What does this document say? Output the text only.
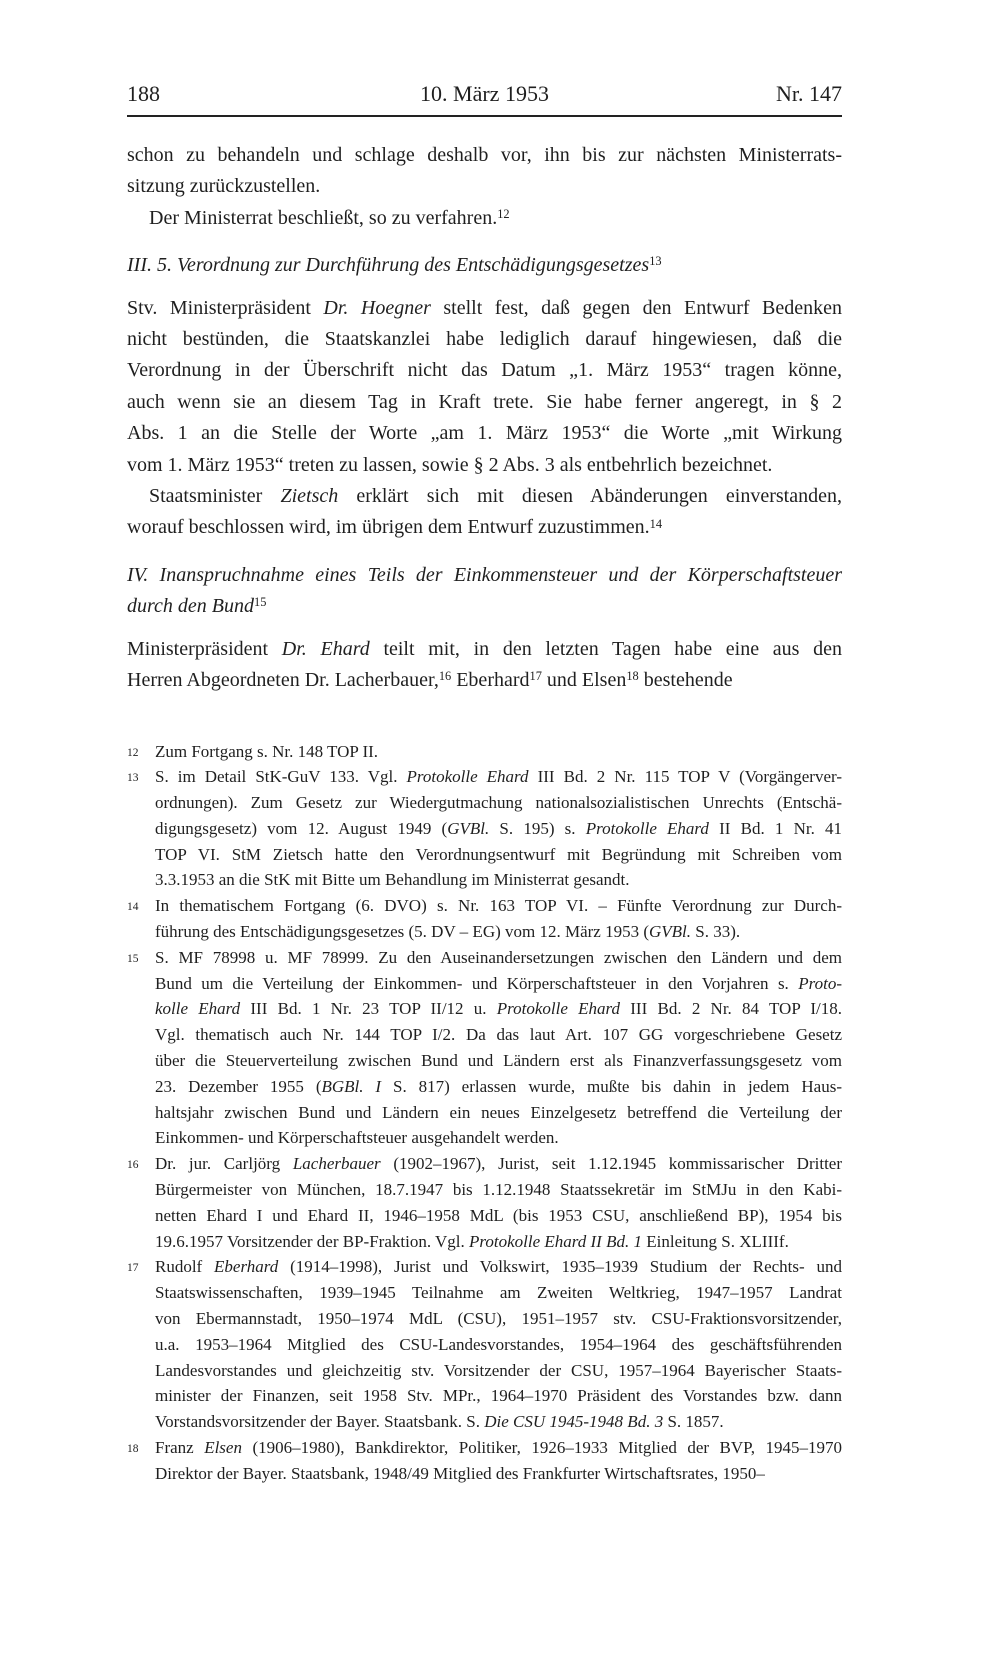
188	10. März 1953	Nr. 147
schon zu behandeln und schlage deshalb vor, ihn bis zur nächsten Ministerrats-
sitzung zurückzustellen.
Der Ministerrat beschließt, so zu verfahren.$^{12}$
III. 5. Verordnung zur Durchführung des Entschädigungsgesetzes$^{13}$
Stv. Ministerpräsident Dr. Hoegner stellt fest, daß gegen den Entwurf Bedenken
nicht bestünden, die Staatskanzlei habe lediglich darauf hingewiesen, daß die
Verordnung in der Überschrift nicht das Datum „1. März 1953“ tragen könne,
auch wenn sie an diesem Tag in Kraft trete. Sie habe ferner angeregt, in § 2
Abs. 1 an die Stelle der Worte „am 1. März 1953“ die Worte „mit Wirkung
vom 1. März 1953“ treten zu lassen, sowie § 2 Abs. 3 als entbehrlich bezeichnet.
Staatsminister Zietsch erklärt sich mit diesen Abänderungen einverstanden,
worauf beschlossen wird, im übrigen dem Entwurf zuzustimmen.$^{14}$
IV. Inanspruchnahme eines Teils der Einkommensteuer und der Körperschaftsteuer
durch den Bund$^{15}$
Ministerpräsident Dr. Ehard teilt mit, in den letzten Tagen habe eine aus den
Herren Abgeordneten Dr. Lacherbauer,$^{16}$ Eberhard$^{17}$ und Elsen$^{18}$ bestehende
12 Zum Fortgang s. Nr. 148 TOP II.
13 S. im Detail StK-GuV 133. Vgl. Protokolle Ehard III Bd. 2 Nr. 115 TOP V (Vorgängerver-
ordnungen). Zum Gesetz zur Wiedergutmachung nationalsozialistischen Unrechts (Entschä-
digungsgesetz) vom 12. August 1949 (GVBl. S. 195) s. Protokolle Ehard II Bd. 1 Nr. 41
TOP VI. StM Zietsch hatte den Verordnungsentwurf mit Begründung mit Schreiben vom
3.3.1953 an die StK mit Bitte um Behandlung im Ministerrat gesandt.
14 In thematischem Fortgang (6. DVO) s. Nr. 163 TOP VI. – Fünfte Verordnung zur Durch-
führung des Entschädigungsgesetzes (5. DV – EG) vom 12. März 1953 (GVBl. S. 33).
15 S. MF 78998 u. MF 78999. Zu den Auseinandersetzungen zwischen den Ländern und dem
Bund um die Verteilung der Einkommen- und Körperschaftsteuer in den Vorjahren s. Proto-
kolle Ehard III Bd. 1 Nr. 23 TOP II/12 u. Protokolle Ehard III Bd. 2 Nr. 84 TOP I/18.
Vgl. thematisch auch Nr. 144 TOP I/2. Da das laut Art. 107 GG vorgeschriebene Gesetz
über die Steuerverteilung zwischen Bund und Ländern erst als Finanzverfassungsgesetz vom
23. Dezember 1955 (BGBl. I S. 817) erlassen wurde, mußte bis dahin in jedem Haus-
haltsjahr zwischen Bund und Ländern ein neues Einzelgesetz betreffend die Verteilung der
Einkommen- und Körperschaftsteuer ausgehandelt werden.
16 Dr. jur. Carljörg Lacherbauer (1902–1967), Jurist, seit 1.12.1945 kommissarischer Dritter
Bürgermeister von München, 18.7.1947 bis 1.12.1948 Staatssekretär im StMJu in den Kabi-
netten Ehard I und Ehard II, 1946–1958 MdL (bis 1953 CSU, anschließend BP), 1954 bis
19.6.1957 Vorsitzender der BP-Fraktion. Vgl. Protokolle Ehard II Bd. 1 Einleitung S. XLIIIf.
17 Rudolf Eberhard (1914–1998), Jurist und Volkswirt, 1935–1939 Studium der Rechts- und
Staatswissenschaften, 1939–1945 Teilnahme am Zweiten Weltkrieg, 1947–1957 Landrat
von Ebermannstadt, 1950–1974 MdL (CSU), 1951–1957 stv. CSU-Fraktionsvorsitzender,
u.a. 1953–1964 Mitglied des CSU-Landesvorstandes, 1954–1964 des geschäftsführenden
Landesvorstandes und gleichzeitig stv. Vorsitzender der CSU, 1957–1964 Bayerischer Staats-
minister der Finanzen, seit 1958 Stv. MPr., 1964–1970 Präsident des Vorstandes bzw. dann
Vorstandsvorsitzender der Bayer. Staatsbank. S. Die CSU 1945-1948 Bd. 3 S. 1857.
18 Franz Elsen (1906–1980), Bankdirektor, Politiker, 1926–1933 Mitglied der BVP, 1945–1970
Direktor der Bayer. Staatsbank, 1948/49 Mitglied des Frankfurter Wirtschaftsrates, 1950–
